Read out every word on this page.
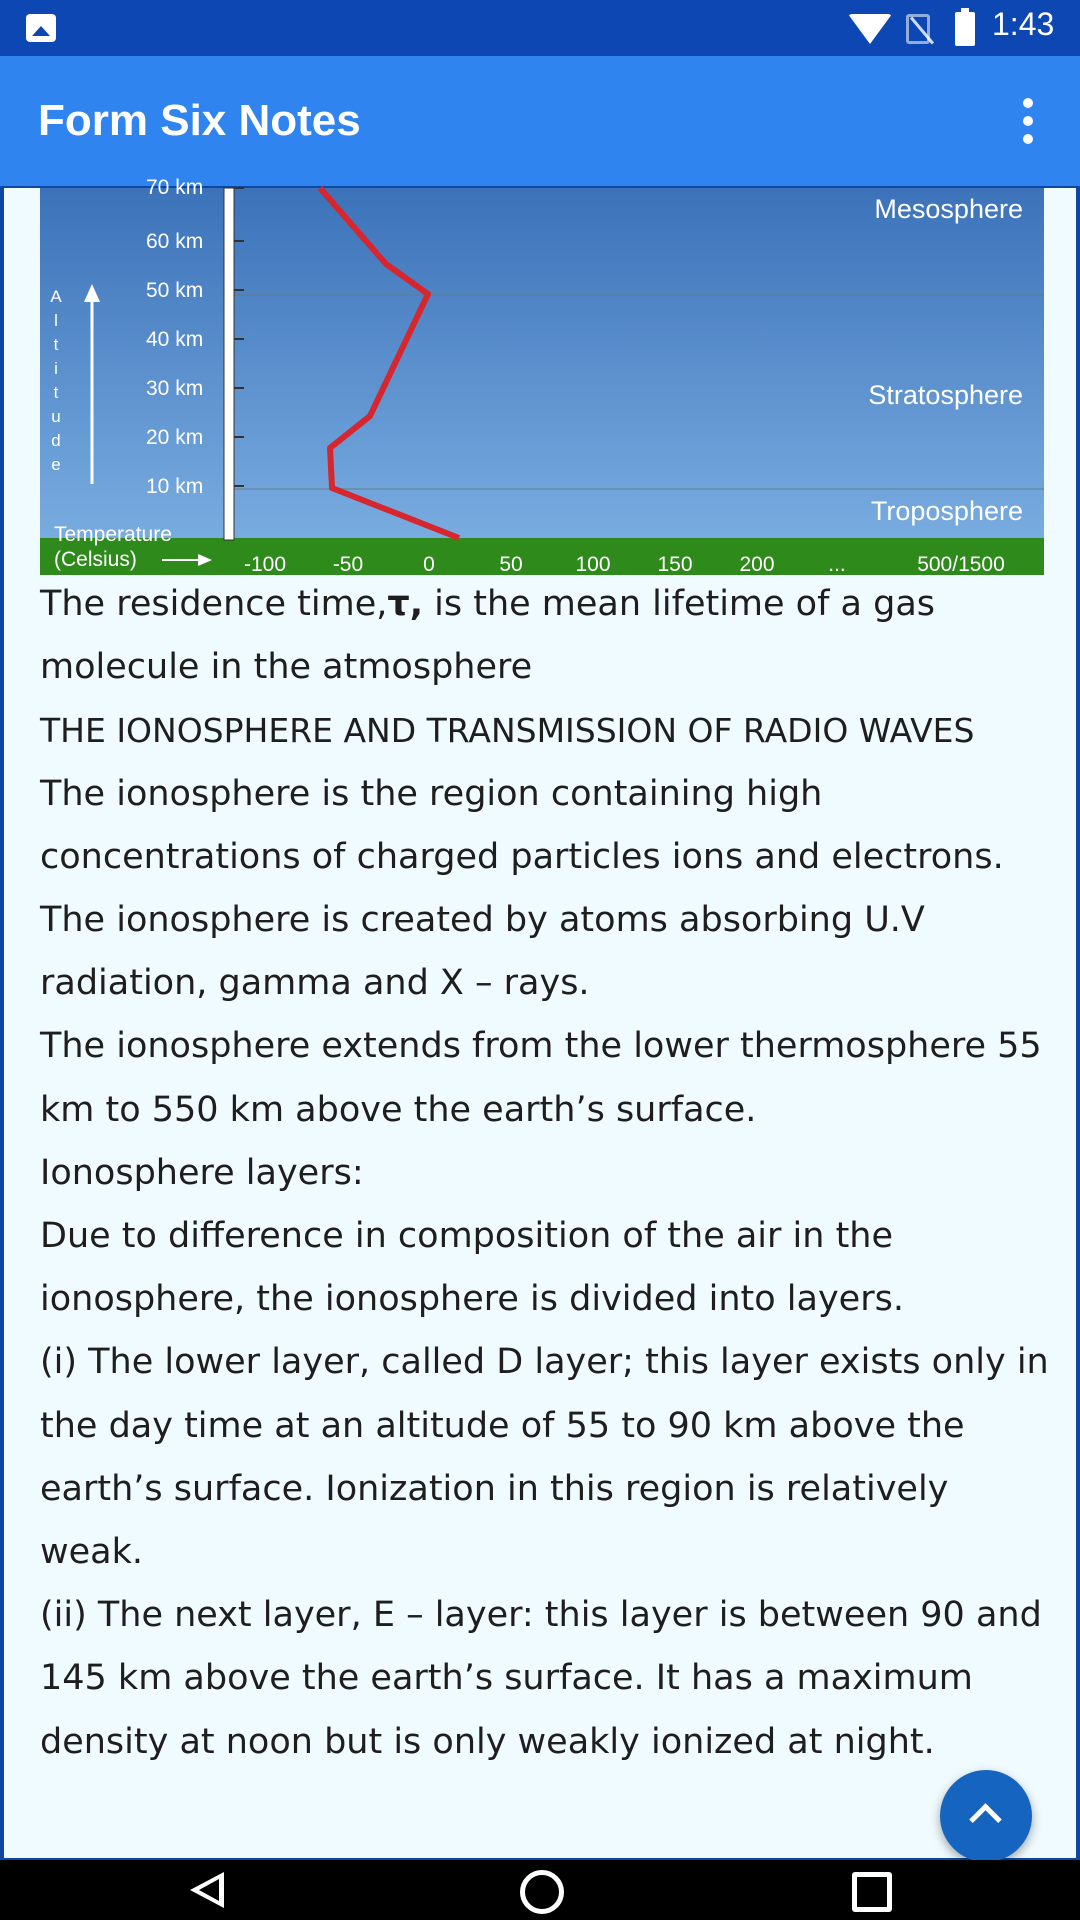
1:43
Form Six Notes
70 km
60 km
50 km
40 km
30 km
20 km
10 km
A
l
t
i
t
u
d
e
Temperature
(Celsius)	-100 -50	0	50	100 150 200	...	500/1500
Mesosphere
Stratosphere
Troposphere

The residence time,τ, is the mean lifetime of a gas molecule in the atmosphere

THE IONOSPHERE AND TRANSMISSION OF RADIO WAVES

The ionosphere is the region containing high concentrations of charged particles ions and electrons.

The ionosphere is created by atoms absorbing U.V radiation, gamma and X – rays.

The ionosphere extends from the lower thermosphere 55 km to 550 km above the earth’s surface.

Ionosphere layers:

Due to difference in composition of the air in the ionosphere, the ionosphere is divided into layers.

(i) The lower layer, called D layer; this layer exists only in the day time at an altitude of 55 to 90 km above the earth’s surface. Ionization in this region is relatively weak.

(ii) The next layer, E – layer: this layer is between 90 and 145 km above the earth’s surface. It has a maximum density at noon but is only weakly ionized at night.
